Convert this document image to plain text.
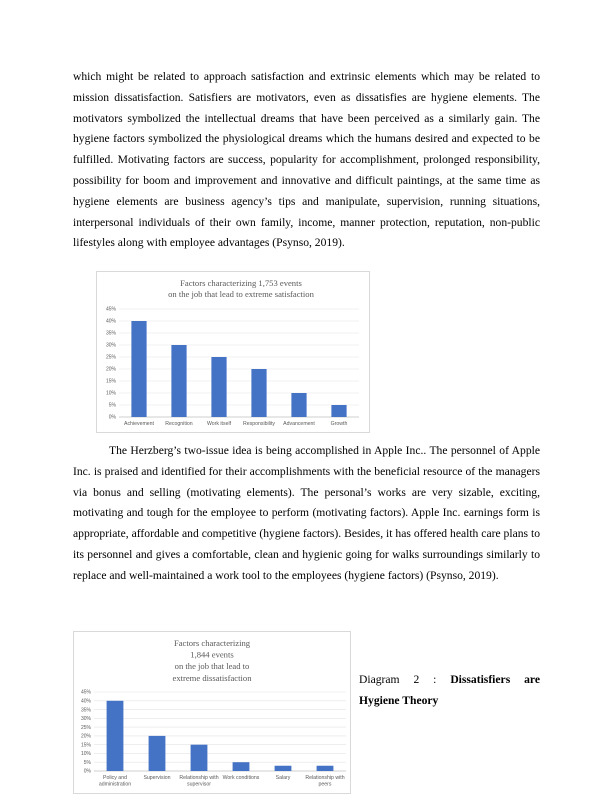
which might be related to approach satisfaction and extrinsic elements which may be related to mission dissatisfaction. Satisfiers are motivators, even as dissatisfies are hygiene elements. The motivators symbolized the intellectual dreams that have been perceived as a similarly gain. The hygiene factors symbolized the physiological dreams which the humans desired and expected to be fulfilled. Motivating factors are success, popularity for accomplishment, prolonged responsibility, possibility for boom and improvement and innovative and difficult paintings, at the same time as hygiene elements are business agency’s tips and manipulate, supervision, running situations, interpersonal individuals of their own family, income, manner protection, reputation, non-public lifestyles along with employee advantages (Psynso, 2019).

Factors characterizing 1,753 events
on the job that lead to extreme satisfaction
0%
5%
10%
15%
20%
25%
30%
35%
40%
45%
Achievement Recognition	Work itself Responsibility Advancement	Growth

The Herzberg’s two-issue idea is being accomplished in Apple Inc.. The personnel of Apple Inc. is praised and identified for their accomplishments with the beneficial resource of the managers via bonus and selling (motivating elements). The personal’s works are very sizable, exciting, motivating and tough for the employee to perform (motivating factors). Apple Inc. earnings form is appropriate, affordable and competitive (hygiene factors). Besides, it has offered health care plans to its personnel and gives a comfortable, clean and hygienic going for walks surroundings similarly to replace and well-maintained a work tool to the employees (hygiene factors) (Psynso, 2019).

Factors characterizing
1,844 events
on the job that lead to
extreme dissatisfaction
0%
5%
10%
15%
20%
25%
30%
35%
40%
45%
Policy and
administration
Supervision Relationship with
supervisor
Work conditions	Salary	Relationship with
peers

Diagram 2 : Dissatisfiers are
Hygiene Theory
